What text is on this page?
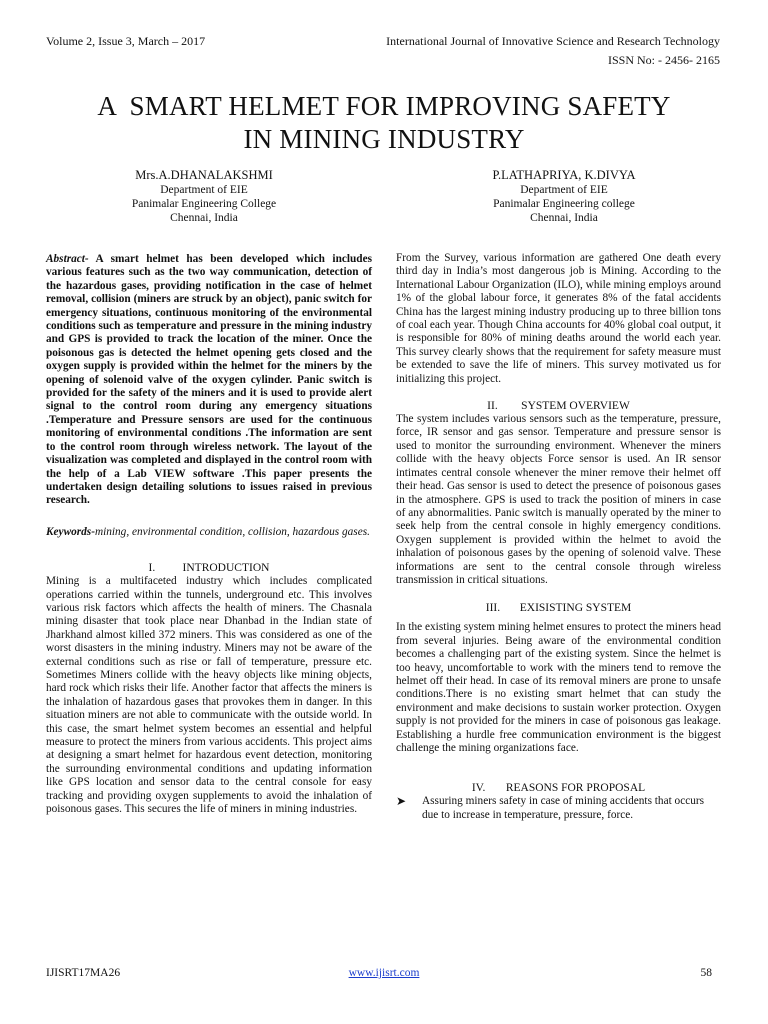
Volume 2, Issue 3, March – 2017	International Journal of Innovative Science and Research Technology
ISSN No: - 2456- 2165
A  SMART HELMET FOR IMPROVING SAFETY
IN MINING INDUSTRY
Mrs.A.DHANALAKSHMI
Department of EIE
Panimalar Engineering College
Chennai, India
P.LATHAPRIYA, K.DIVYA
Department of EIE
Panimalar Engineering college
Chennai, India

Abstract- A smart helmet has been developed which includes various features such as the two way communication, detection of the hazardous gases, providing notification in the case of helmet removal, collision (miners are struck by an object), panic switch for emergency situations, continuous monitoring of the environmental conditions such as temperature and pressure in the mining industry and GPS is provided to track the location of the miner. Once the poisonous gas is detected the helmet opening gets closed and the oxygen supply is provided within the helmet for the miners by the opening of solenoid valve of the oxygen cylinder. Panic switch is provided for the safety of the miners and it is used to provide alert signal to the control room during any emergency situations .Temperature and Pressure sensors are used for the continuous monitoring of environmental conditions .The information are sent to the control room through wireless network. The layout of the visualization was completed and displayed in the control room with the help of a Lab VIEW software .This paper presents the undertaken design detailing solutions to issues raised in previous research.

Keywords-mining, environmental condition, collision, hazardous gases.

I. INTRODUCTION

Mining is a multifaceted industry which includes complicated operations carried within the tunnels, underground etc. This involves various risk factors which affects the health of miners. The Chasnala mining disaster that took place near Dhanbad in the Indian state of Jharkhand almost killed 372 miners. This was considered as one of the worst disasters in the mining industry. Miners may not be aware of the external conditions such as rise or fall of temperature, pressure etc. Sometimes Miners collide with the heavy objects like mining objects, hard rock which risks their life. Another factor that affects the miners is the inhalation of hazardous gases that provokes them in danger. In this situation miners are not able to communicate with the outside world. In this case, the smart helmet system becomes an essential and helpful measure to protect the miners from various accidents. This project aims at designing a smart helmet for hazardous event detection, monitoring the surrounding environmental conditions and updating information like GPS location and sensor data to the central console for easy tracking and providing oxygen supplements to avoid the inhalation of poisonous gases. This secures the life of miners in mining industries.

From the Survey, various information are gathered One death every third day in India’s most dangerous job is Mining. According to the International Labour Organization (ILO), while mining employs around 1% of the global labour force, it generates 8% of the fatal accidents China has the largest mining industry producing up to three billion tons of coal each year. Though China accounts for 40% global coal output, it is responsible for 80% of mining deaths around the world each year. This survey clearly shows that the requirement for safety measure must be extended to save the life of miners. This survey motivated us for initializing this project.

II. SYSTEM OVERVIEW

The system includes various sensors such as the temperature, pressure, force, IR sensor and gas sensor. Temperature and pressure sensor is used to monitor the surrounding environment. Whenever the miners collide with the heavy objects Force sensor is used. An IR sensor intimates central console whenever the miner remove their helmet off their head. Gas sensor is used to detect the presence of poisonous gases in the atmosphere. GPS is used to track the position of miners in case of any abnormalities. Panic switch is manually operated by the miner to seek help from the central console in highly emergency conditions. Oxygen supplement is provided within the helmet to avoid the inhalation of poisonous gases by the opening of solenoid valve. These informations are sent to the central console through wireless transmission in critical situations.

III. EXISISTING SYSTEM

In the existing system mining helmet ensures to protect the miners head from several injuries. Being aware of the environmental condition becomes a challenging part of the existing system. Since the helmet is too heavy, uncomfortable to work with the miners tend to remove the helmet off their head. In case of its removal miners are prone to unsafe conditions.There is no existing smart helmet that can study the environment and make decisions to sustain worker protection. Oxygen supply is not provided for the miners in case of poisonous gas leakage. Establishing a hurdle free communication environment is the biggest challenge the mining organizations face.

IV. REASONS FOR PROPOSAL
➤	Assuring miners safety in case of mining accidents that occurs due to increase in temperature, pressure, force.

IJISRT17MA26	www.ijisrt.com	58
